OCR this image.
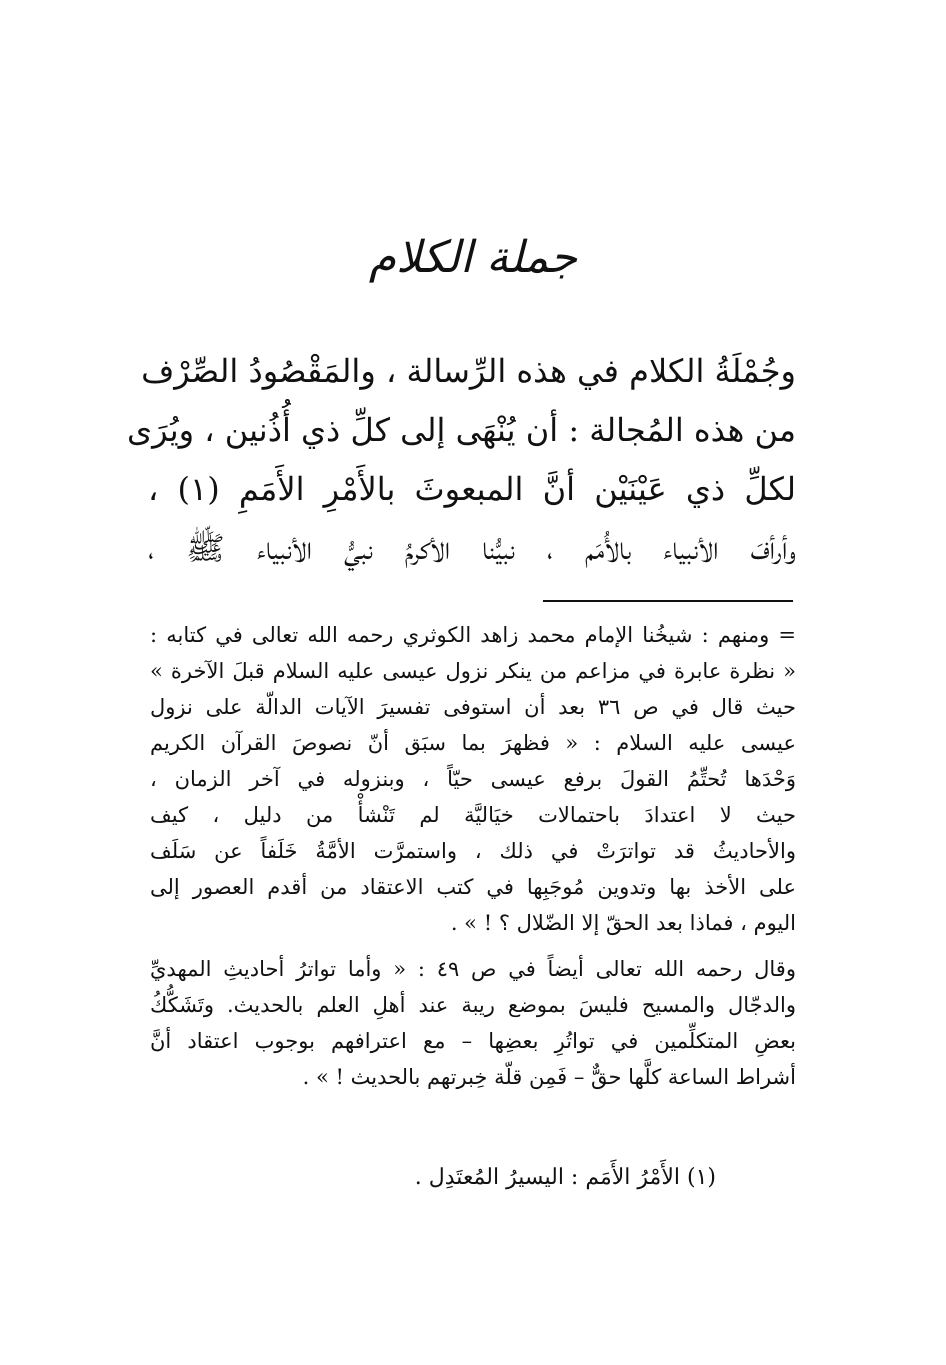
جملة الكلام
وجُمْلَةُ الكلام في هذه الرِّسالة ، والمَقْصُودُ الصِّرْف
من هذه المُجالة : أن يُنْهَى إلى كلِّ ذي أُذُنين ، ويُرَى
لكلِّ ذي عَيْنَيْن أنَّ المبعوثَ بالأَمْرِ الأَمَمِ (١) ،
وأرأفَ الأنبياء بالأُمَم ، نبيُّنا الأكرمُ نبيُّ الأنبياء ﷺ ،
= ومنهم : شيخُنا الإمام محمد زاهد الكوثري رحمه الله تعالى في كتابه :
« نظرة عابرة في مزاعم من ينكر نزول عيسى عليه السلام قبلَ الآخرة »
حيث قال في ص ٣٦ بعد أن استوفى تفسيرَ الآيات الدالّة على نزول
عيسى عليه السلام : « فظهرَ بما سبَق أنّ نصوصَ القرآن الكريم
وَحْدَها تُحتِّمُ القولَ برفع عيسى حيّاً ، وبنزوله في آخر الزمان ،
حيث لا اعتدادَ باحتمالات خيَاليَّة لم تَنْشأْ من دليل ، كيف
والأحاديثُ قد تواترَتْ في ذلك ، واستمرَّت الأمَّةُ خَلَفاً عن سَلَف
على الأخذ بها وتدوين مُوجَبِها في كتب الاعتقاد من أقدم العصور إلى
اليوم ، فماذا بعد الحقّ إلا الضّلال ؟ ! » .
وقال رحمه الله تعالى أيضاً في ص ٤٩ : « وأما تواترُ أحاديثِ المهديِّ
والدجّال والمسيح فليسَ بموضع ريبة عند أهلِ العلم بالحديث. وتَشَكُّكُ
بعضِ المتكلِّمين في تواتُرِ بعضِها – مع اعترافهم بوجوب اعتقاد أنَّ
أشراط الساعة كلَّها حقٌّ – فَمِن قلّة خِبرتهم بالحديث ! » .
(١) الأَمْرُ الأَمَم : اليسيرُ المُعتَدِل .
